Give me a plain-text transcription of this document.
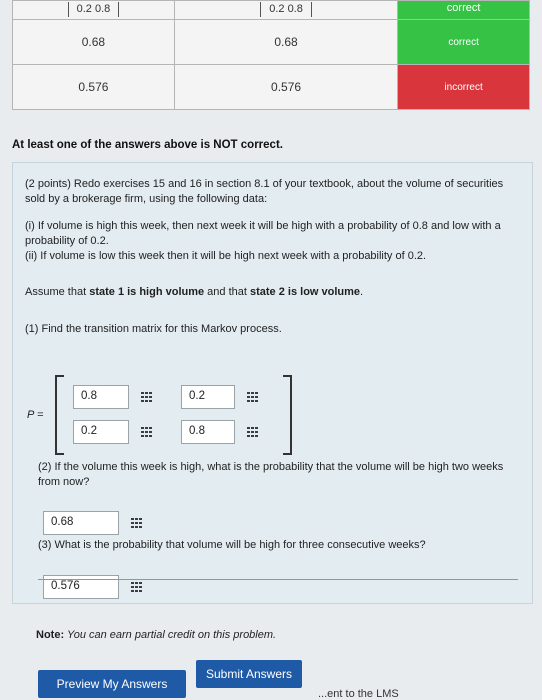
0.2 0.8	0.2 0.8	correct
0.68	0.68	correct
0.576	0.576	incorrect
At least one of the answers above is NOT correct.
(2 points) Redo exercises 15 and 16 in section 8.1 of your textbook, about the volume of securities sold by a brokerage firm, using the following data:
(i) If volume is high this week, then next week it will be high with a probability of 0.8 and low with a probability of 0.2.
(ii) If volume is low this week then it will be high next week with a probability of 0.2.
Assume that state 1 is high volume and that state 2 is low volume.
(1) Find the transition matrix for this Markov process.
P =
0.8	0.2
0.2	0.8
(2) If the volume this week is high, what is the probability that the volume will be high two weeks from now?
0.68
(3) What is the probability that volume will be high for three consecutive weeks?
0.576
Note: You can earn partial credit on this problem.
Preview My Answers
Submit Answers
...ent to the LMS
